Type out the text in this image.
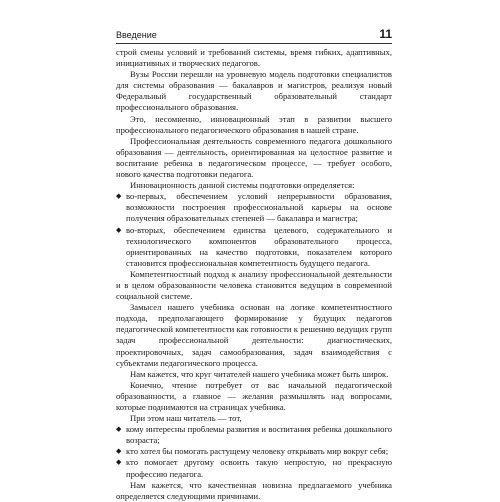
Введение	11

строй смены условий и требований системы, время гибких, адаптивных, инициативных и творческих педагогов.

Вузы России перешли на уровневую модель подготовки специалистов для системы образования — бакалавров и магистров, реализуя новый Федеральный государственный образовательный стандарт профессионального образования.

Это, несомненно, инновационный этап в развитии высшего профессионального педагогического образования в нашей стране.

Профессиональная деятельность современного педагога дошкольного образования — деятельность, ориентированная на целостное развитие и воспитание ребенка в педагогическом процессе, — требует особого, нового качества подготовки педагога.

Инновационность данной системы подготовки определяется:

◆ во-первых, обеспечением условий непрерывности образования, возможности построения профессиональной карьеры на основе получения образовательных степеней — бакалавра и магистра;
◆ во-вторых, обеспечением единства целевого, содержательного и технологического компонентов образовательного процесса, ориентированных на качество подготовки, показателем которого становится профессиональная компетентность будущего педагога.

Компетентностный подход к анализу профессиональной деятельности и в целом образованности человека становится ведущим в современной социальной системе.

Замысел нашего учебника основан на логике компетентностного подхода, предполагающего формирование у будущих педагогов педагогической компетентности как готовности к решению ведущих групп задач профессиональной деятельности: диагностических, проектировочных, задач самообразования, задач взаимодействия с субъектами педагогического процесса.

Нам кажется, что круг читателей нашего учебника может быть широк.

Конечно, чтение потребует от вас начальной педагогической образованности, а главное — желания размышлять над вопросами, которые поднимаются на страницах учебника.

При этом наш читатель — тот,

◆ кому интересны проблемы развития и воспитания ребенка дошкольного возраста;
◆ кто хотел бы помогать растущему человеку открывать мир вокруг себя;
◆ кто помогает другому освоить такую непростую, но прекрасную профессию педагога.

Нам кажется, что качественная новизна предлагаемого учебника определяется следующими причинами.
